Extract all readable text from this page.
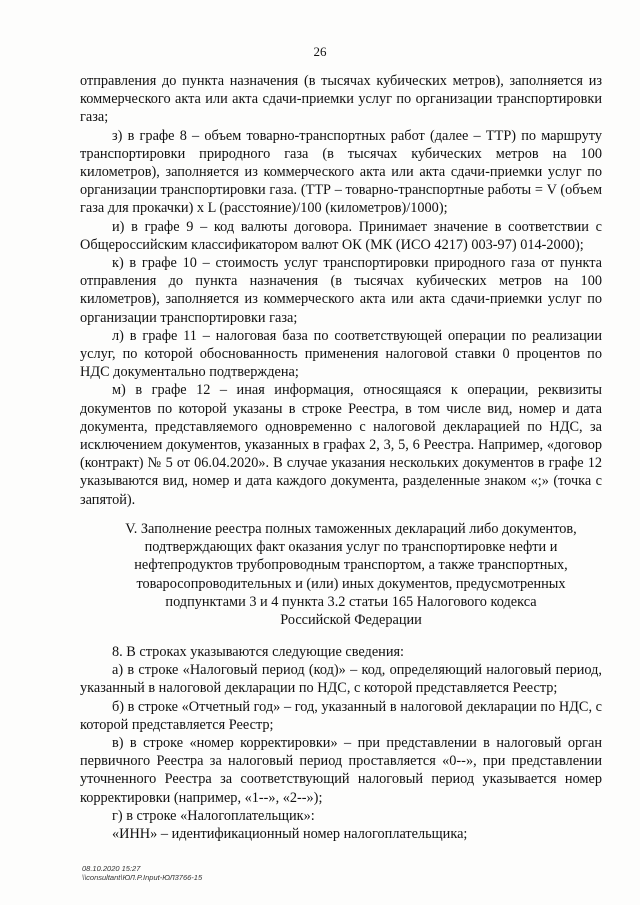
26

отправления до пункта назначения (в тысячах кубических метров), заполняется из коммерческого акта или акта сдачи-приемки услуг по организации транспортировки газа;

з) в графе 8 – объем товарно-транспортных работ (далее – ТТР) по маршруту транспортировки природного газа (в тысячах кубических метров на 100 километров), заполняется из коммерческого акта или акта сдачи-приемки услуг по организации транспортировки газа. (ТТР – товарно-транспортные работы = V (объем газа для прокачки) x L (расстояние)/100 (километров)/1000);

и) в графе 9 – код валюты договора. Принимает значение в соответствии с Общероссийским классификатором валют ОК (МК (ИСО 4217) 003-97) 014-2000);

к) в графе 10 – стоимость услуг транспортировки природного газа от пункта отправления до пункта назначения (в тысячах кубических метров на 100 километров), заполняется из коммерческого акта или акта сдачи-приемки услуг по организации транспортировки газа;

л) в графе 11 – налоговая база по соответствующей операции по реализации услуг, по которой обоснованность применения налоговой ставки 0 процентов по НДС документально подтверждена;

м) в графе 12 – иная информация, относящаяся к операции, реквизиты документов по которой указаны в строке Реестра, в том числе вид, номер и дата документа, представляемого одновременно с налоговой декларацией по НДС, за исключением документов, указанных в графах 2, 3, 5, 6 Реестра. Например, «договор (контракт) № 5 от 06.04.2020». В случае указания нескольких документов в графе 12 указываются вид, номер и дата каждого документа, разделенные знаком «;» (точка с запятой).

V. Заполнение реестра полных таможенных деклараций либо документов,

подтверждающих факт оказания услуг по транспортировке нефти и

нефтепродуктов трубопроводным транспортом, а также транспортных,

товаросопроводительных и (или) иных документов, предусмотренных

подпунктами 3 и 4 пункта 3.2 статьи 165 Налогового кодекса

Российской Федерации

8. В строках указываются следующие сведения:

а) в строке «Налоговый период (код)» – код, определяющий налоговый период, указанный в налоговой декларации по НДС, с которой представляется Реестр;

б) в строке «Отчетный год» – год, указанный в налоговой декларации по НДС, с которой представляется Реестр;

в) в строке «номер корректировки» – при представлении в налоговый орган первичного Реестра за налоговый период проставляется «0--», при представлении уточненного Реестра за соответствующий налоговый период указывается номер корректировки (например, «1--», «2--»);

г) в строке «Налогоплательщик»:

«ИНН» – идентификационный номер налогоплательщика;

08.10.2020 15:27
\\consultant\ЮЛ.P.Input-ЮЛ3766-15
